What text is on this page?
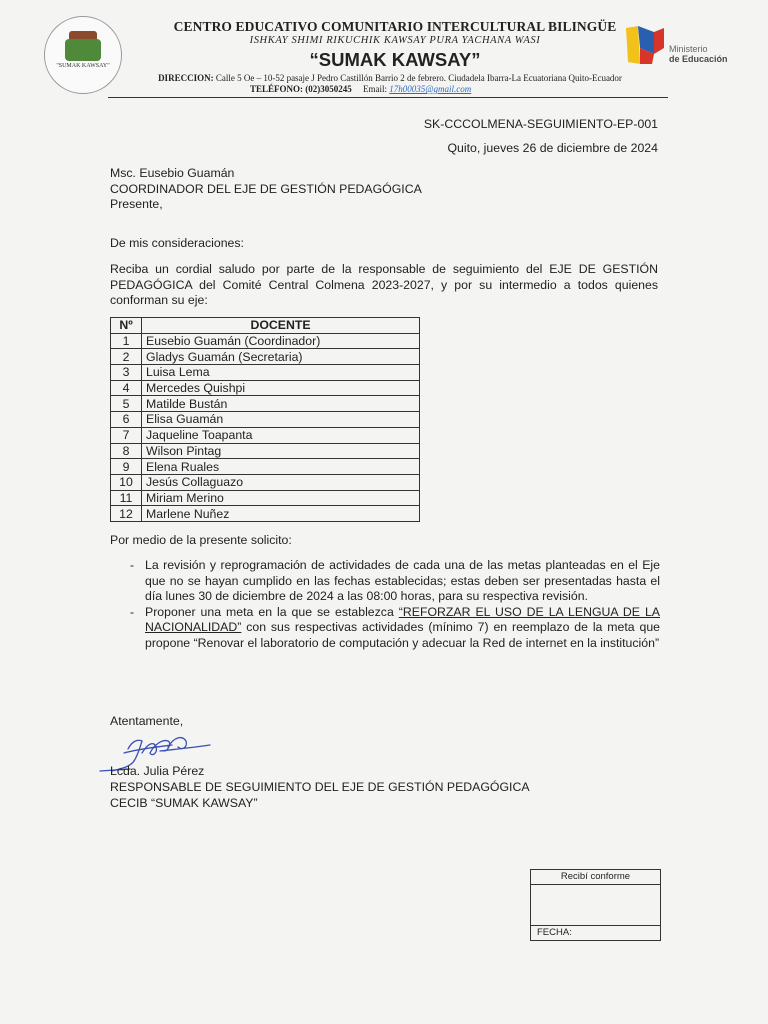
"SUMAK KAWSAY"
CENTRO EDUCATIVO COMUNITARIO INTERCULTURAL BILINGÜE
ISHKAY SHIMI RIKUCHIK KAWSAY PURA YACHANA WASI
“SUMAK KAWSAY”	Ministerio
de Educación
DIRECCION: Calle 5 Oe – 10-52 pasaje J Pedro Castillón Barrio 2 de febrero. Ciudadela Ibarra-La Ecuatoriana Quito-Ecuador
TELÉFONO: (02)3050245 Email: 17h00035@gmail.com
SK-CCCOLMENA-SEGUIMIENTO-EP-001
Quito, jueves 26 de diciembre de 2024
Msc. Eusebio Guamán
COORDINADOR DEL EJE DE GESTIÓN PEDAGÓGICA
Presente,
De mis consideraciones:
Reciba un cordial saludo por parte de la responsable de seguimiento del EJE DE GESTIÓN PEDAGÓGICA del Comité Central Colmena 2023-2027, y por su intermedio a todos quienes conforman su eje:
Nº	DOCENTE
1	Eusebio Guamán (Coordinador)
2	Gladys Guamán (Secretaria)
3	Luisa Lema
4	Mercedes Quishpi
5	Matilde Bustán
6	Elisa Guamán
7	Jaqueline Toapanta
8	Wilson Pintag
9	Elena Ruales
10	Jesús Collaguazo
11	Miriam Merino
12	Marlene Nuñez
Por medio de la presente solicito:
- La revisión y reprogramación de actividades de cada una de las metas planteadas en el Eje que no se hayan cumplido en las fechas establecidas; estas deben ser presentadas hasta el día lunes 30 de diciembre de 2024 a las 08:00 horas, para su respectiva revisión.
- Proponer una meta en la que se establezca “REFORZAR EL USO DE LA LENGUA DE LA NACIONALIDAD” con sus respectivas actividades (mínimo 7) en reemplazo de la meta que propone “Renovar el laboratorio de computación y adecuar la Red de internet en la institución”
Atentamente,
Lcda. Julia Pérez
RESPONSABLE DE SEGUIMIENTO DEL EJE DE GESTIÓN PEDAGÓGICA
CECIB “SUMAK KAWSAY”
Recibí conforme
FECHA:
